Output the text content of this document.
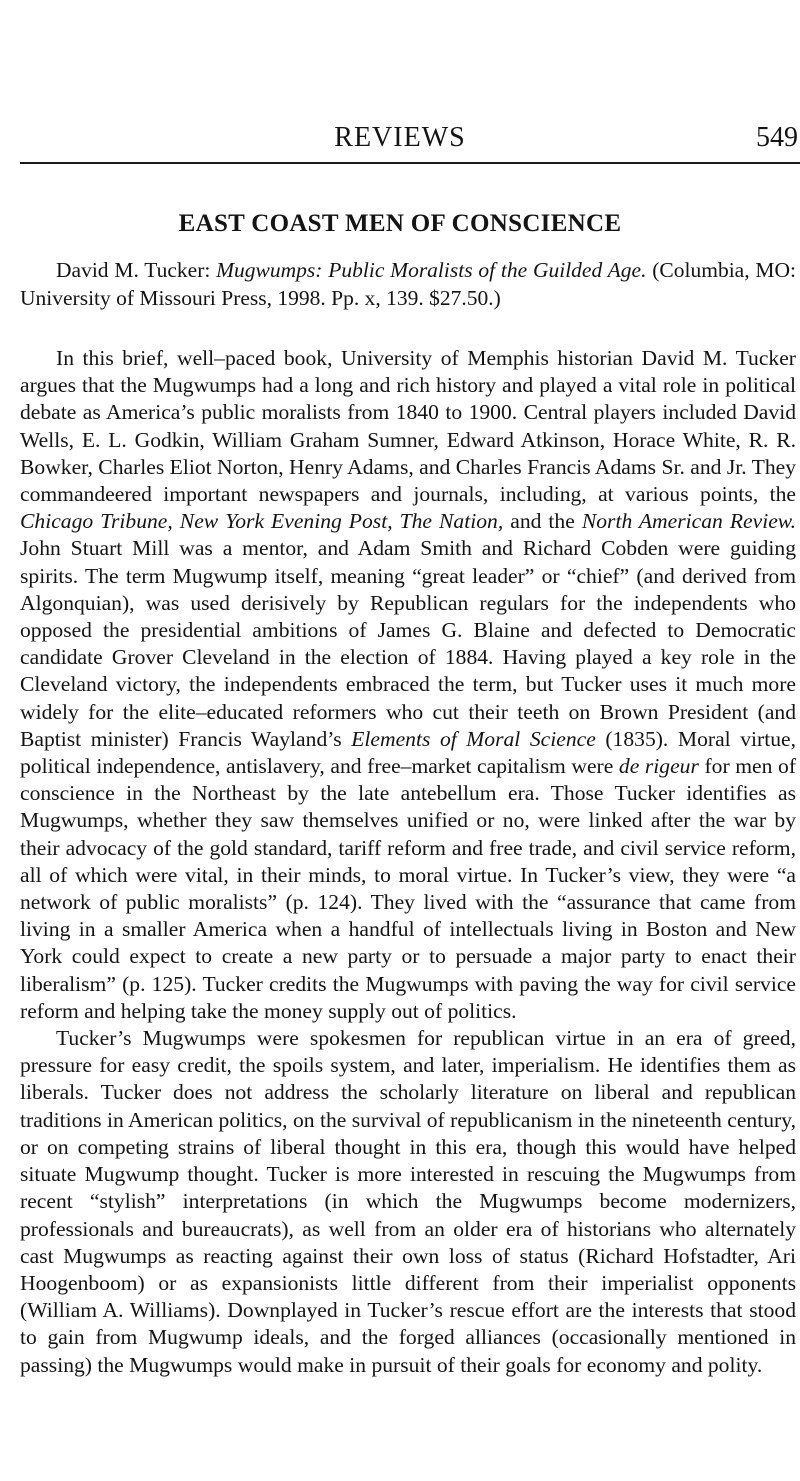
REVIEWS	549
EAST COAST MEN OF CONSCIENCE
David M. Tucker: Mugwumps: Public Moralists of the Guilded Age. (Columbia, MO: University of Missouri Press, 1998. Pp. x, 139. $27.50.)

In this brief, well–paced book, University of Memphis historian David M. Tucker argues that the Mugwumps had a long and rich history and played a vital role in political debate as America’s public moralists from 1840 to 1900. Central players included David Wells, E. L. Godkin, William Graham Sumner, Edward Atkinson, Horace White, R. R. Bowker, Charles Eliot Norton, Henry Adams, and Charles Francis Adams Sr. and Jr. They commandeered important newspapers and journals, including, at various points, the Chicago Tribune, New York Evening Post, The Nation, and the North American Review. John Stuart Mill was a mentor, and Adam Smith and Richard Cobden were guiding spirits. The term Mugwump itself, meaning “great leader” or “chief” (and derived from Algonquian), was used derisively by Republican regulars for the independents who opposed the presidential ambitions of James G. Blaine and defected to Democratic candidate Grover Cleveland in the election of 1884. Having played a key role in the Cleveland victory, the independents embraced the term, but Tucker uses it much more widely for the elite–educated reformers who cut their teeth on Brown President (and Baptist minister) Francis Wayland’s Elements of Moral Science (1835). Moral virtue, political independence, antislavery, and free–market capitalism were de rigeur for men of conscience in the Northeast by the late antebellum era. Those Tucker identifies as Mugwumps, whether they saw themselves unified or no, were linked after the war by their advocacy of the gold standard, tariff reform and free trade, and civil service reform, all of which were vital, in their minds, to moral virtue. In Tucker’s view, they were “a network of public moralists” (p. 124). They lived with the “assurance that came from living in a smaller America when a handful of intellectuals living in Boston and New York could expect to create a new party or to persuade a major party to enact their liberalism” (p. 125). Tucker credits the Mugwumps with paving the way for civil service reform and helping take the money supply out of politics.

Tucker’s Mugwumps were spokesmen for republican virtue in an era of greed, pressure for easy credit, the spoils system, and later, imperialism. He identifies them as liberals. Tucker does not address the scholarly literature on liberal and republican traditions in American politics, on the survival of republicanism in the nineteenth century, or on competing strains of liberal thought in this era, though this would have helped situate Mugwump thought. Tucker is more interested in rescuing the Mugwumps from recent “stylish” interpretations (in which the Mugwumps become modernizers, professionals and bureaucrats), as well from an older era of historians who alternately cast Mugwumps as reacting against their own loss of status (Richard Hofstadter, Ari Hoogenboom) or as expansionists little different from their imperialist opponents (William A. Williams). Downplayed in Tucker’s rescue effort are the interests that stood to gain from Mugwump ideals, and the forged alliances (occasionally mentioned in passing) the Mugwumps would make in pursuit of their goals for economy and polity.
